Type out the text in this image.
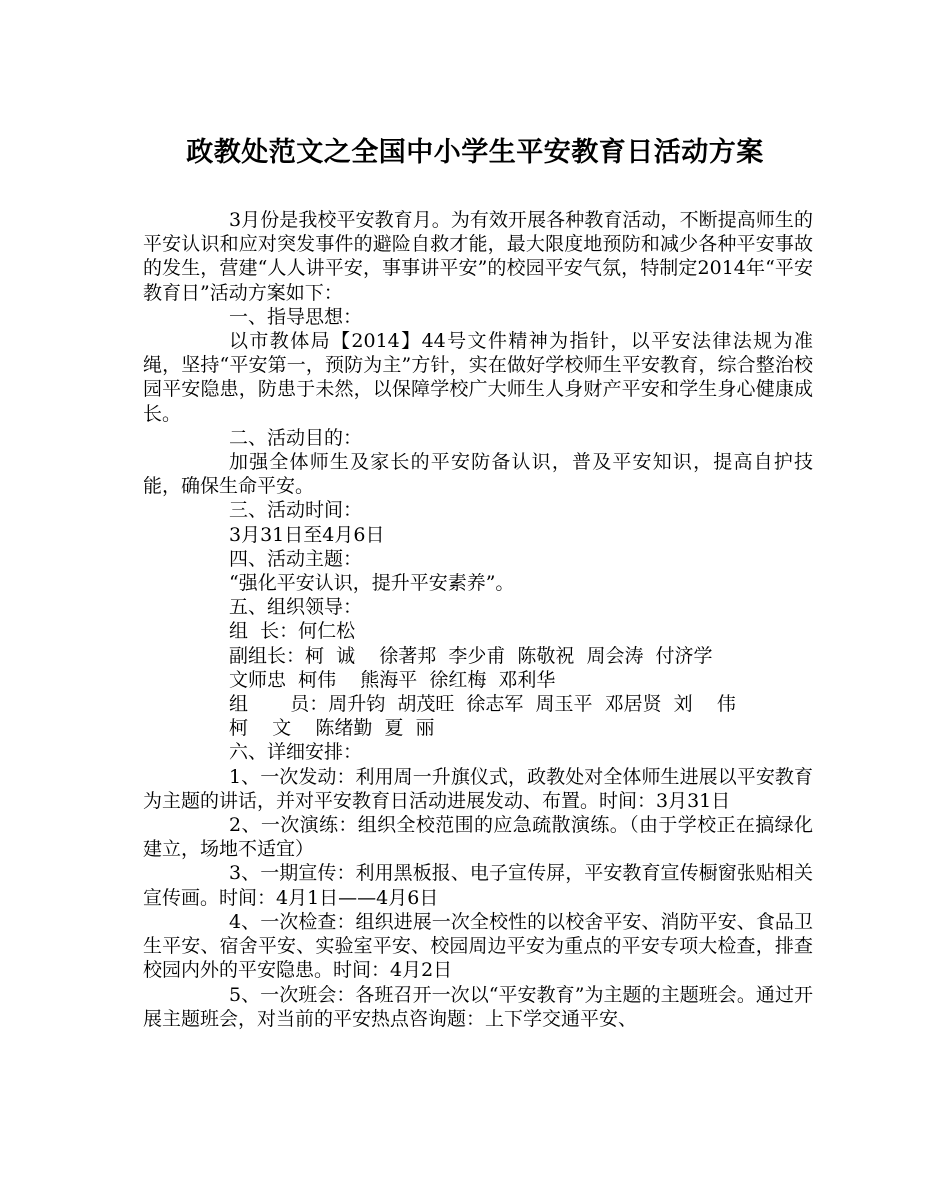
政教处范文之全国中小学生平安教育日活动方案

3月份是我校平安教育月。为有效开展各种教育活动，不断提高师生的平安认识和应对突发事件的避险自救才能，最大限度地预防和减少各种平安事故的发生，营建“人人讲平安，事事讲平安”的校园平安气氛，特制定2014年“平安教育日”活动方案如下：

一、指导思想：

以市教体局【2014】44号文件精神为指针，以平安法律法规为准绳，坚持“平安第一，预防为主”方针，实在做好学校师生平安教育，综合整治校园平安隐患，防患于未然，以保障学校广大师生人身财产平安和学生身心健康成长。

二、活动目的：

加强全体师生及家长的平安防备认识，普及平安知识，提高自护技能，确保生命平安。

三、活动时间：

3月31日至4月6日

四、活动主题：

“强化平安认识，提升平安素养”。

五、组织领导：

组  长：何仁松

副组长：柯  诚    徐著邦  李少甫  陈敬祝  周会涛  付济学

文师忠  柯伟    熊海平  徐红梅  邓利华

组       员：周升钧  胡茂旺  徐志军  周玉平  邓居贤  刘    伟

柯    文    陈绪勤  夏  丽

六、详细安排：

1、一次发动：利用周一升旗仪式，政教处对全体师生进展以平安教育为主题的讲话，并对平安教育日活动进展发动、布置。时间：3月31日

2、一次演练：组织全校范围的应急疏散演练。（由于学校正在搞绿化建立，场地不适宜）

3、一期宣传：利用黑板报、电子宣传屏，平安教育宣传橱窗张贴相关宣传画。时间：4月1日——4月6日

4、一次检查：组织进展一次全校性的以校舍平安、消防平安、食品卫生平安、宿舍平安、实验室平安、校园周边平安为重点的平安专项大检查，排查校园内外的平安隐患。时间：4月2日

5、一次班会：各班召开一次以“平安教育”为主题的主题班会。通过开展主题班会，对当前的平安热点咨询题：上下学交通平安、
